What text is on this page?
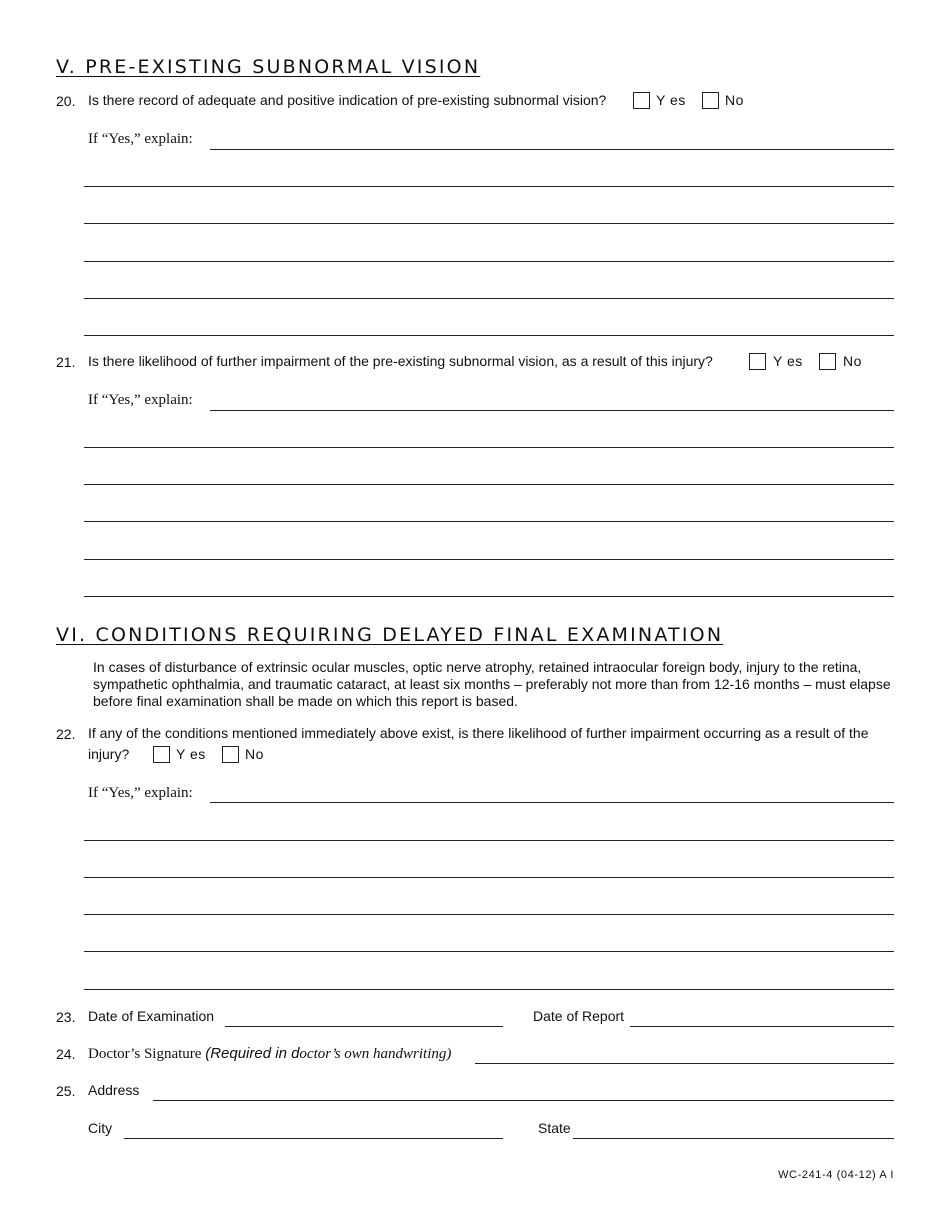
V. PRE-EXISTING SUBNORMAL VISION
20. Is there record of adequate and positive indication of pre-existing subnormal vision?	Y es	No
If “Yes,” explain:
21. Is there likelihood of further impairment of the pre-existing subnormal vision, as a result of this injury?	Y es	No
If “Yes,” explain:
VI. CONDITIONS REQUIRING DELAYED FINAL EXAMINATION
In cases of disturbance of extrinsic ocular muscles, optic nerve atrophy, retained intraocular foreign body, injury to the retina,
sympathetic ophthalmia, and traumatic cataract, at least six months – preferably not more than from 12-16 months – must elapse
before final examination shall be made on which this report is based.
22. If any of the conditions mentioned immediately above exist, is there likelihood of further impairment occurring as a result of the
injury?	Y es	No
If “Yes,” explain:
23. Date of Examination	Date of Report
24. Doctor’s Signature (Required in doctor’s own handwriting)
25. Address
City	State
WC-241-4 (04-12) A I
